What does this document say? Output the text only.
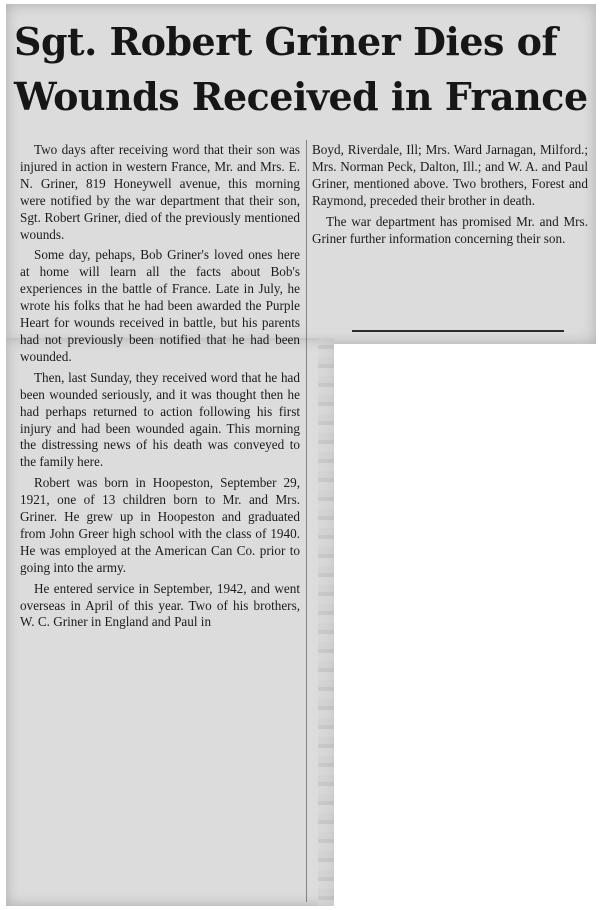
Sgt. Robert Griner Dies of
Wounds Received in France

Two days after receiving word that their son was injured in action in western France, Mr. and Mrs. E. N. Griner, 819 Honeywell avenue, this morning were notified by the war department that their son, Sgt. Robert Griner, died of the previously mentioned wounds.

Some day, pehaps, Bob Griner's loved ones here at home will learn all the facts about Bob's experiences in the battle of France. Late in July, he wrote his folks that he had been awarded the Purple Heart for wounds received in battle, but his parents had not previously been notified that he had been wounded.

Then, last Sunday, they received word that he had been wounded seriously, and it was thought then he had perhaps returned to action following his first injury and had been wounded again. This morning the distressing news of his death was conveyed to the family here.

Robert was born in Hoopeston, September 29, 1921, one of 13 children born to Mr. and Mrs. Griner. He grew up in Hoopeston and graduated from John Greer high school with the class of 1940. He was employed at the American Can Co. prior to going into the army.

He entered service in September, 1942, and went overseas in April of this year. Two of his brothers, W. C. Griner in England and Paul in

Boyd, Riverdale, Ill; Mrs. Ward Jarnagan, Milford.; Mrs. Norman Peck, Dalton, Ill.; and W. A. and Paul Griner, mentioned above. Two brothers, Forest and Raymond, preceded their brother in death.

The war department has promised Mr. and Mrs. Griner further information concerning their son.
